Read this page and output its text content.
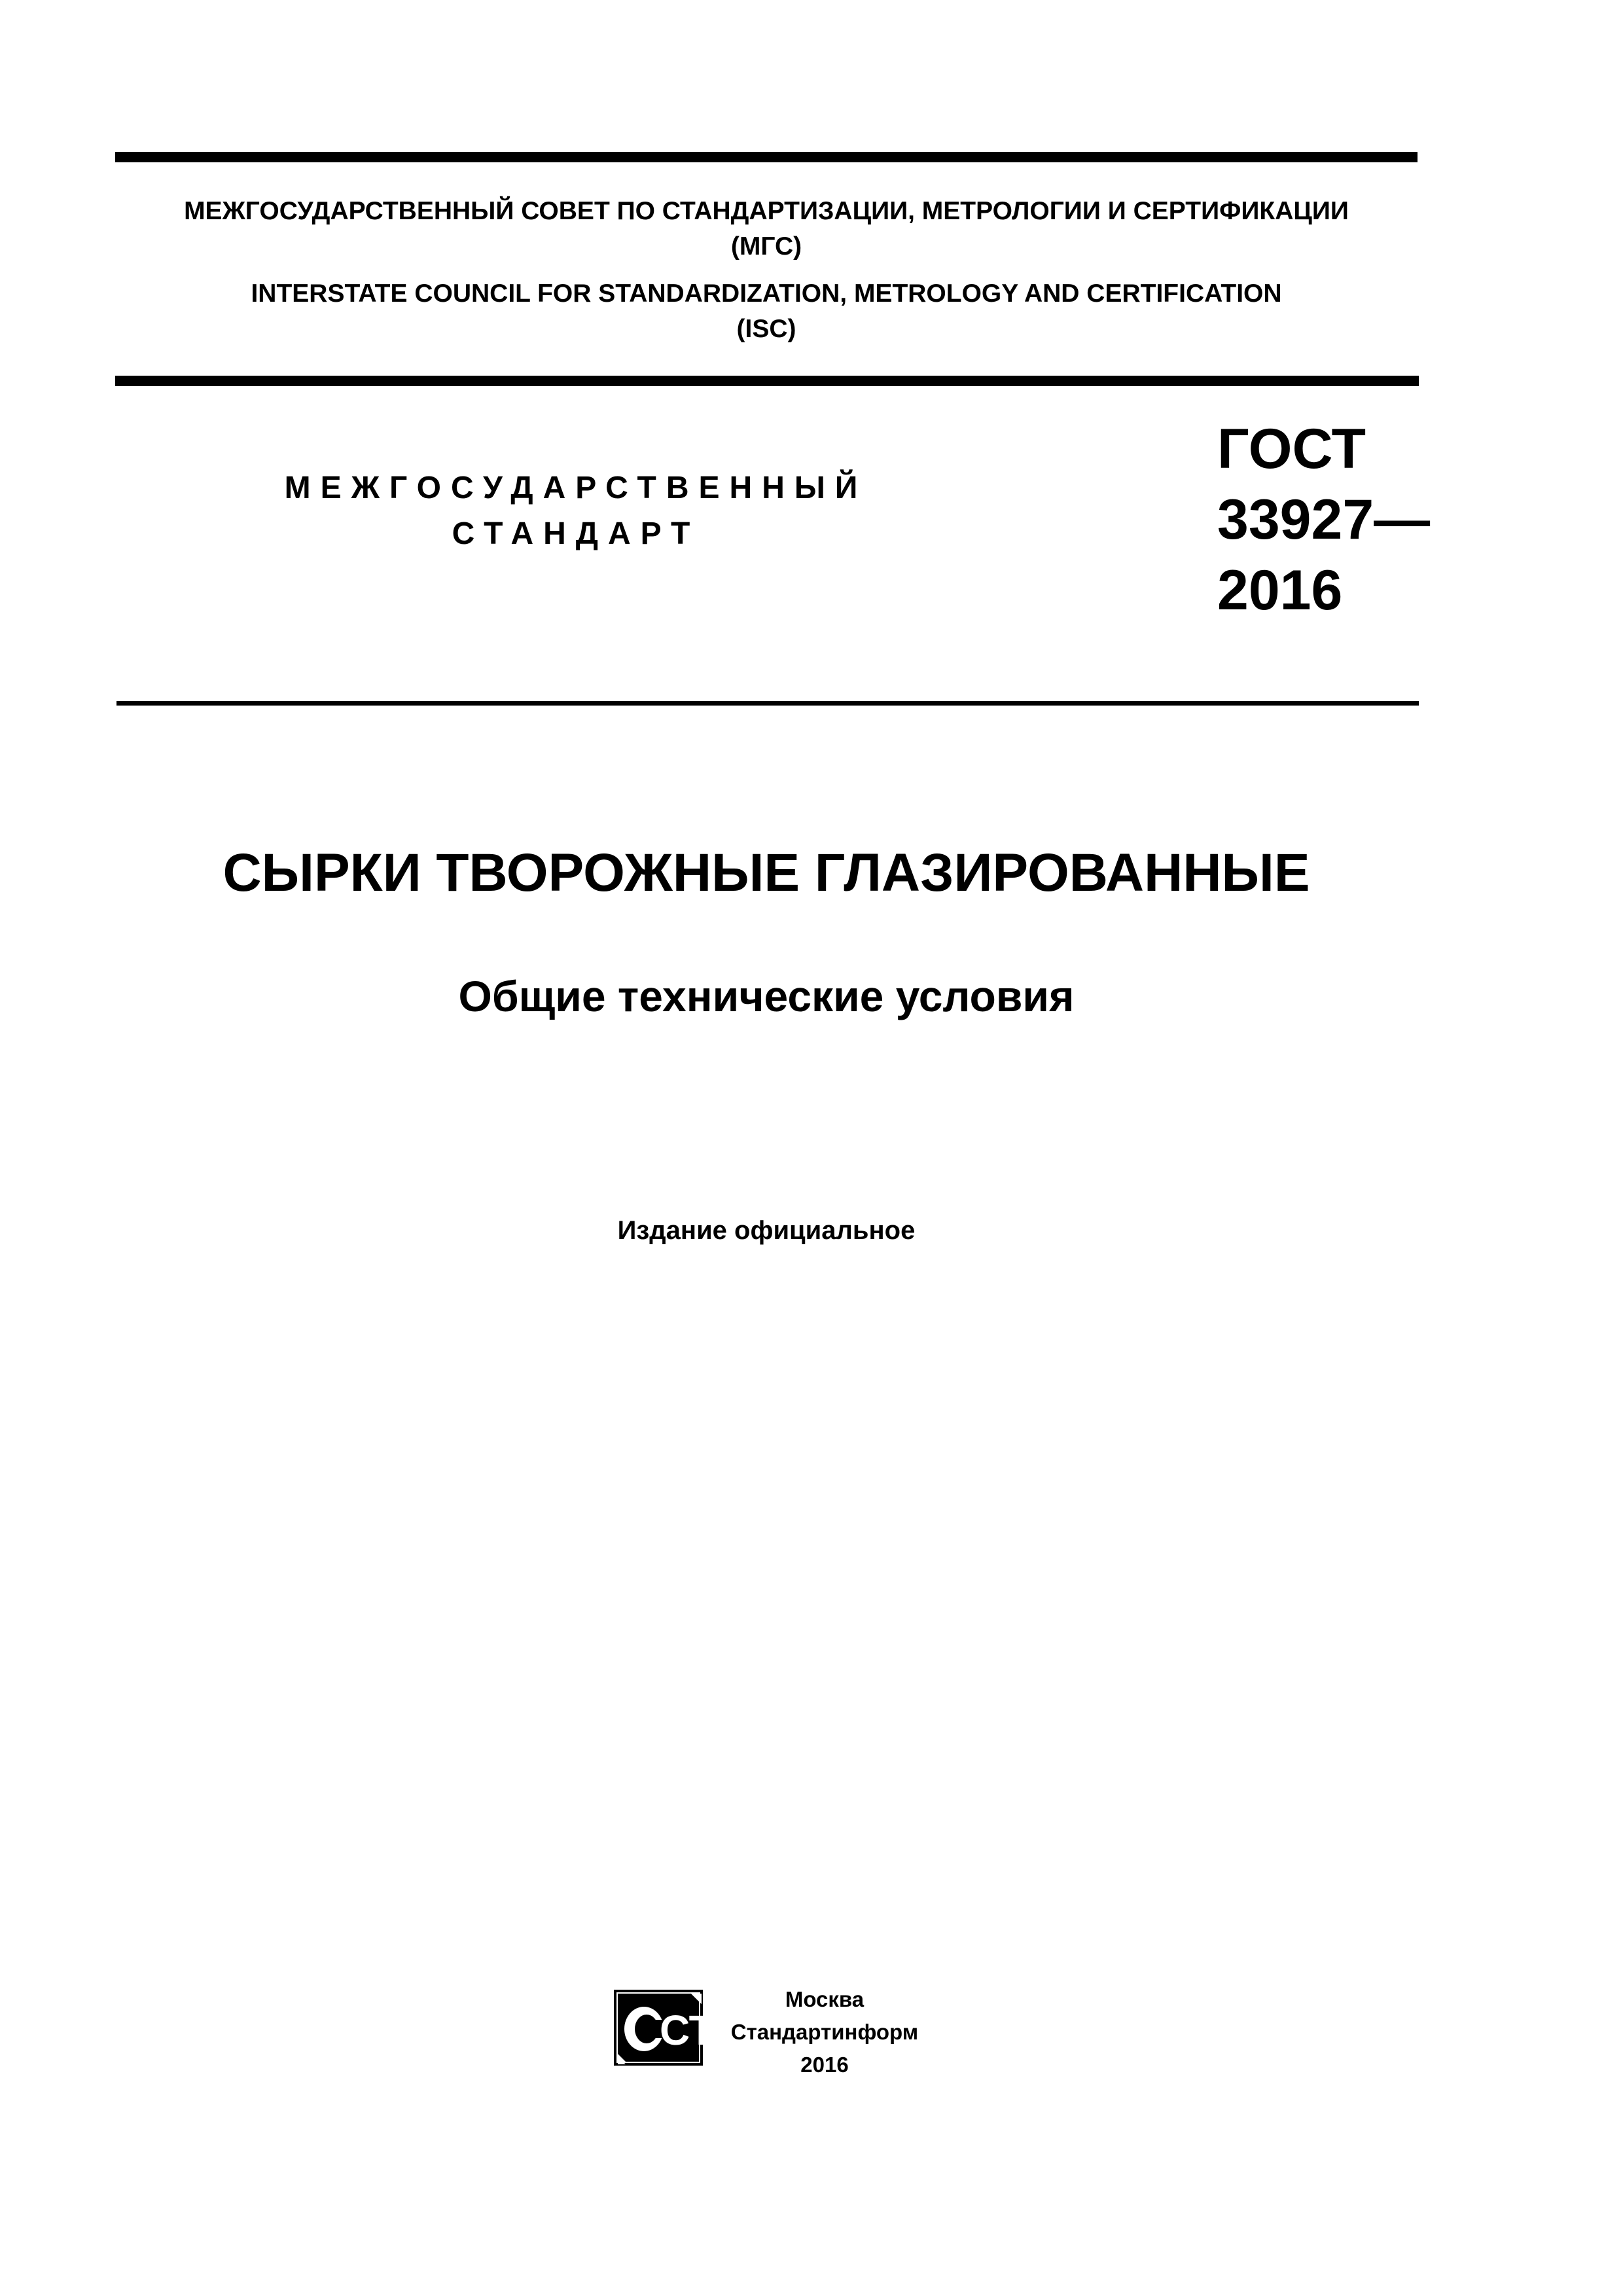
МЕЖГОСУДАРСТВЕННЫЙ СОВЕТ ПО СТАНДАРТИЗАЦИИ, МЕТРОЛОГИИ И СЕРТИФИКАЦИИ
(МГС)
INTERSTATE COUNCIL FOR STANDARDIZATION, METROLOGY AND CERTIFICATION
(ISC)
МЕЖГОСУДАРСТВЕННЫЙ
СТАНДАРТ
ГОСТ
33927—
2016
СЫРКИ ТВОРОЖНЫЕ ГЛАЗИРОВАННЫЕ
Общие технические условия
Издание официальное
СТИ
Москва
Стандартинформ
2016
